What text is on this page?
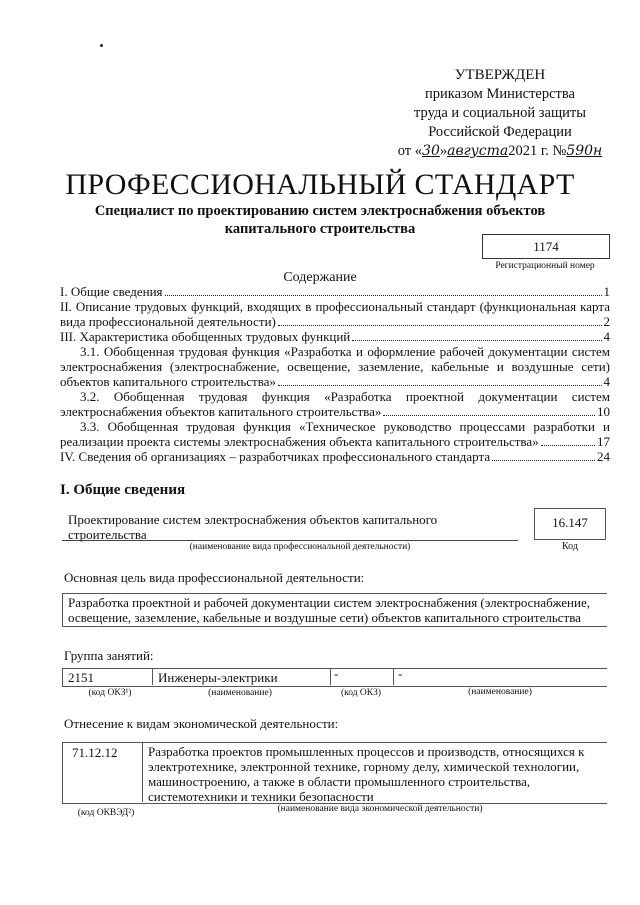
УТВЕРЖДЕН
приказом Министерства
труда и социальной защиты
Российской Федерации
от «30»августа2021 г. №590н
ПРОФЕССИОНАЛЬНЫЙ СТАНДАРТ
Специалист по проектированию систем электроснабжения объектов капитального строительства
1174
Регистрационный номер
Содержание
I. Общие сведения	1
II. Описание трудовых функций, входящих в профессиональный стандарт (функциональная карта
вида профессиональной деятельности)	2
III. Характеристика обобщенных трудовых функций	4
3.1. Обобщенная трудовая функция «Разработка и оформление рабочей документации систем
электроснабжения (электроснабжение, освещение, заземление, кабельные и воздушные сети)
объектов капитального строительства»	4
3.2. Обобщенная трудовая функция «Разработка проектной документации систем
электроснабжения объектов капитального строительства»	10
3.3. Обобщенная трудовая функция «Техническое руководство процессами разработки и
реализации проекта системы электроснабжения объекта капитального строительства»	17
IV. Сведения об организациях – разработчиках профессионального стандарта	24
I. Общие сведения
Проектирование систем электроснабжения объектов капитального строительства
(наименование вида профессиональной деятельности)
16.147
Код
Основная цель вида профессиональной деятельности:
Разработка проектной и рабочей документации систем электроснабжения (электроснабжение, освещение, заземление, кабельные и воздушные сети) объектов капитального строительства
Группа занятий:
2151	Инженеры-электрики	-	-
(код ОКЗ¹)	(наименование)	(код ОКЗ)	(наименование)
Отнесение к видам экономической деятельности:
71.12.12	Разработка проектов промышленных процессов и производств, относящихся к электротехнике, электронной технике, горному делу, химической технологии, машиностроению, а также в области промышленного строительства, системотехники и техники безопасности
(код ОКВЭД²)	(наименование вида экономической деятельности)
